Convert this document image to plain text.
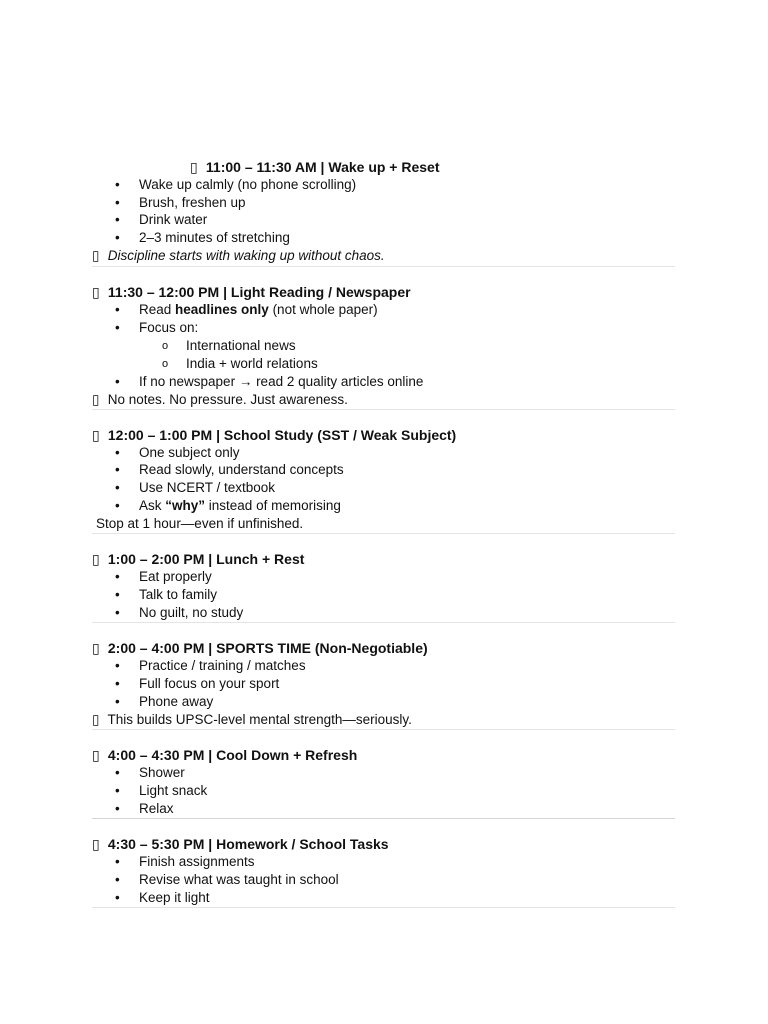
▯ 11:00 – 11:30 AM | Wake up + Reset
• Wake up calmly (no phone scrolling)
• Brush, freshen up
• Drink water
• 2–3 minutes of stretching
▯ Discipline starts with waking up without chaos.
▯ 11:30 – 12:00 PM | Light Reading / Newspaper
• Read headlines only (not whole paper)
• Focus on:
o International news
o India + world relations
• If no newspaper → read 2 quality articles online
▯ No notes. No pressure. Just awareness.
▯ 12:00 – 1:00 PM | School Study (SST / Weak Subject)
• One subject only
• Read slowly, understand concepts
• Use NCERT / textbook
• Ask “why” instead of memorising
Stop at 1 hour—even if unfinished.
▯ 1:00 – 2:00 PM | Lunch + Rest
• Eat properly
• Talk to family
• No guilt, no study
▯ 2:00 – 4:00 PM | SPORTS TIME (Non-Negotiable)
• Practice / training / matches
• Full focus on your sport
• Phone away
▯ This builds UPSC-level mental strength—seriously.
▯ 4:00 – 4:30 PM | Cool Down + Refresh
• Shower
• Light snack
• Relax
▯ 4:30 – 5:30 PM | Homework / School Tasks
• Finish assignments
• Revise what was taught in school
• Keep it light
